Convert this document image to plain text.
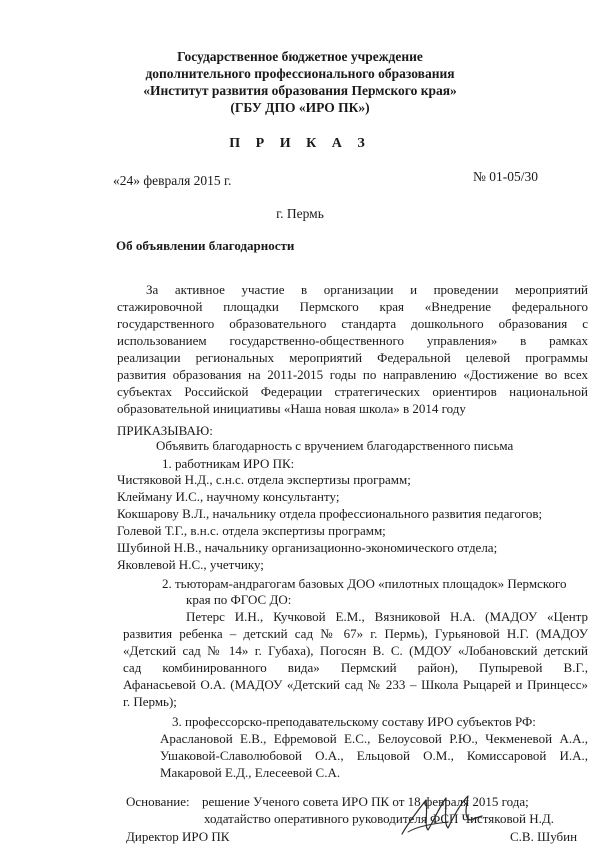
Государственное бюджетное учреждение
дополнительного профессионального образования
«Институт развития образования Пермского края»
(ГБУ ДПО «ИРО ПК»)
П Р И К А З
«24» февраля 2015 г.	№ 01-05/30
г. Пермь
Об объявлении благодарности
За активное участие в организации и проведении мероприятий
стажировочной площадки Пермского края «Внедрение федерального
государственного образовательного стандарта дошкольного образования с
использованием государственно-общественного управления» в рамках
реализации региональных мероприятий Федеральной целевой программы
развития образования на 2011-2015 годы по направлению «Достижение во всех
субъектах Российской Федерации стратегических ориентиров национальной
образовательной инициативы «Наша новая школа» в 2014 году
ПРИКАЗЫВАЮ:
Объявить благодарность с вручением благодарственного письма
1. работникам ИРО ПК:
Чистяковой Н.Д., с.н.с. отдела экспертизы программ;
Клейману И.С., научному консультанту;
Кокшарову В.Л., начальнику отдела профессионального развития педагогов;
Голевой Т.Г., в.н.с. отдела экспертизы программ;
Шубиной Н.В., начальнику организационно-экономического отдела;
Яковлевой Н.С., учетчику;
2. тьюторам-андрагогам базовых ДОО «пилотных площадок» Пермского
края по ФГОС ДО:
Петерс И.Н., Кучковой Е.М., Вязниковой Н.А. (МАДОУ «Центр
развития ребенка – детский сад № 67» г. Пермь), Гурьяновой Н.Г. (МАДОУ
«Детский сад № 14» г. Губаха), Погосян В. С. (МДОУ «Лобановский детский
сад комбинированного вида» Пермский район), Пупыревой В.Г.,
Афанасьевой О.А. (МАДОУ «Детский сад № 233 – Школа Рыцарей и Принцесс»
г. Пермь);
3. профессорско-преподавательскому составу ИРО субъектов РФ:
Араслановой Е.В., Ефремовой Е.С., Белоусовой Р.Ю., Чекменевой А.А.,
Ушаковой-Славолюбовой О.А., Ельцовой О.М., Комиссаровой И.А.,
Макаровой Е.Д., Елесеевой С.А.
Основание: решение Ученого совета ИРО ПК от 18 февраля 2015 года;
ходатайство оперативного руководителя ФСП Чистяковой Н.Д.
Директор ИРО ПК	С.В. Шубин
